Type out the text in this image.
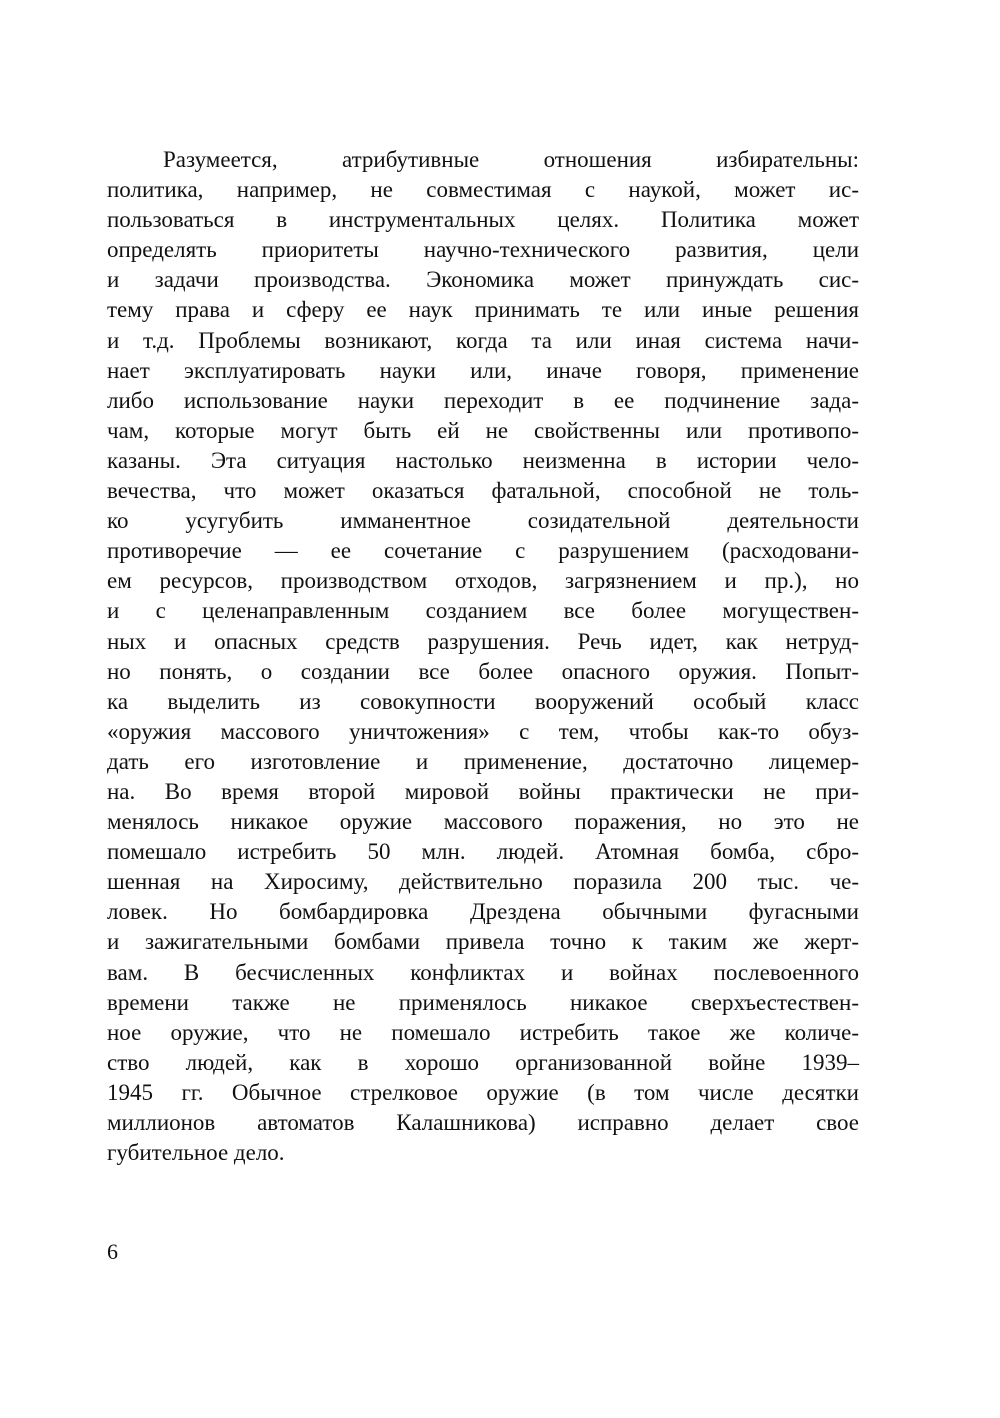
Разумеется, атрибутивные отношения избирательны:
политика, например, не совместимая с наукой, может ис-
пользоваться в инструментальных целях. Политика может
определять приоритеты научно-технического развития, цели
и задачи производства. Экономика может принуждать сис-
тему права и сферу ее наук принимать те или иные решения
и т.д. Проблемы возникают, когда та или иная система начи-
нает эксплуатировать науки или, иначе говоря, применение
либо использование науки переходит в ее подчинение зада-
чам, которые могут быть ей не свойственны или противопо-
казаны. Эта ситуация настолько неизменна в истории чело-
вечества, что может оказаться фатальной, способной не толь-
ко усугубить имманентное созидательной деятельности
противоречие — ее сочетание с разрушением (расходовани-
ем ресурсов, производством отходов, загрязнением и пр.), но
и с целенаправленным созданием все более могуществен-
ных и опасных средств разрушения. Речь идет, как нетруд-
но понять, о создании все более опасного оружия. Попыт-
ка выделить из совокупности вооружений особый класс
«оружия массового уничтожения» с тем, чтобы как-то обуз-
дать его изготовление и применение, достаточно лицемер-
на. Во время второй мировой войны практически не при-
менялось никакое оружие массового поражения, но это не
помешало истребить 50 млн. людей. Атомная бомба, сбро-
шенная на Хиросиму, действительно поразила 200 тыс. че-
ловек. Но бомбардировка Дрездена обычными фугасными
и зажигательными бомбами привела точно к таким же жерт-
вам. В бесчисленных конфликтах и войнах послевоенного
времени также не применялось никакое сверхъестествен-
ное оружие, что не помешало истребить такое же количе-
ство людей, как в хорошо организованной войне 1939–
1945 гг. Обычное стрелковое оружие (в том числе десятки
миллионов автоматов Калашникова) исправно делает свое
губительное дело.
6
